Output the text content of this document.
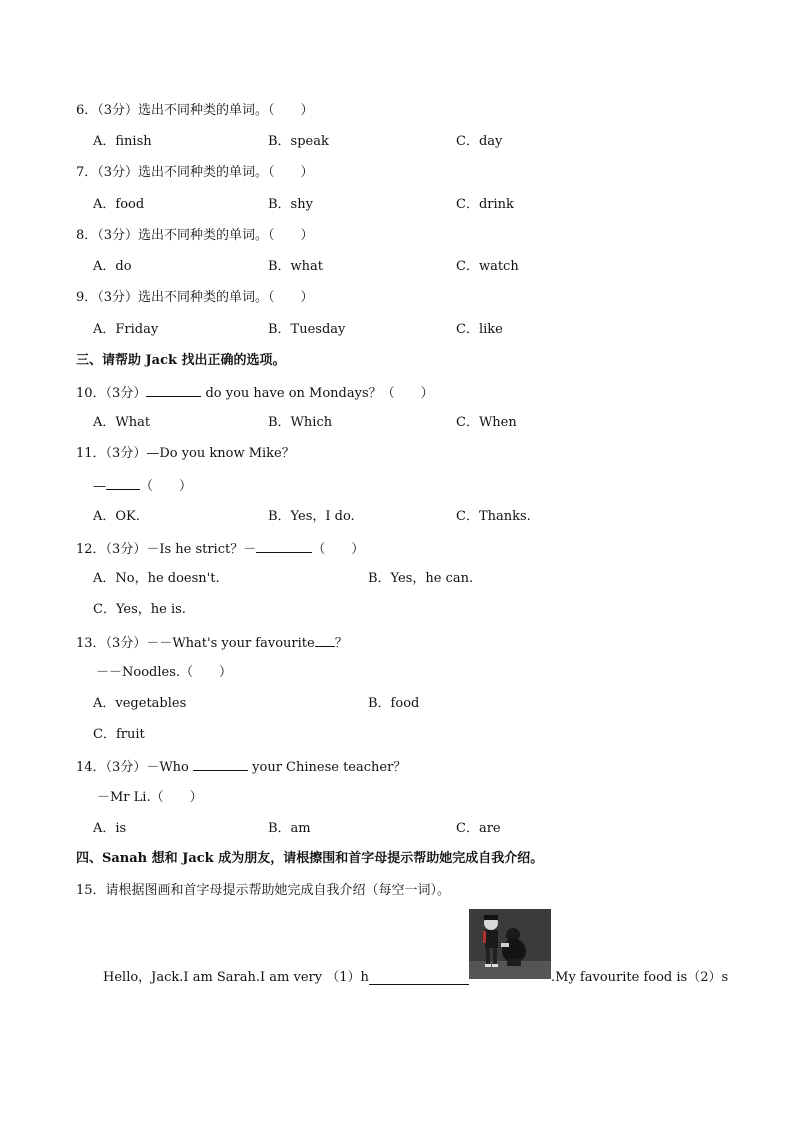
6．（3分）选出不同种类的单词。（　　）
A．finish	B．speak	C．day
7．（3分）选出不同种类的单词。（　　）
A．food	B．shy	C．drink
8．（3分）选出不同种类的单词。（　　）
A．do	B．what	C．watch
9．（3分）选出不同种类的单词。（　　）
A．Friday	B．Tuesday	C．like
三、请帮助 Jack 找出正确的选项。
10．（3分）	do you have on Mondays？（　　）
A．What	B．Which	C．When
11．（3分）—Do you know Mike？
—	（　　）
A．OK.	B．Yes，I do.	C．Thanks.
12．（3分）－Is he strict？－	（　　）
A．No，he doesn't.	B．Yes，he can.
C．Yes，he is.
13．（3分）－－What's your favourite ？
－－Noodles.（　　）
A．vegetables	B．food
C．fruit
14．（3分）－Who	your Chinese teacher？
－Mr Li.（　　）
A．is	B．am	C．are
四、Sanah 想和 Jack 成为朋友，请根擦围和首字母提示帮助她完成自我介绍。
15．请根据图画和首字母提示帮助她完成自我介绍（每空一词）。
Hello，Jack.I am Sarah.I am very （1）h	.My favourite food is（2）s
